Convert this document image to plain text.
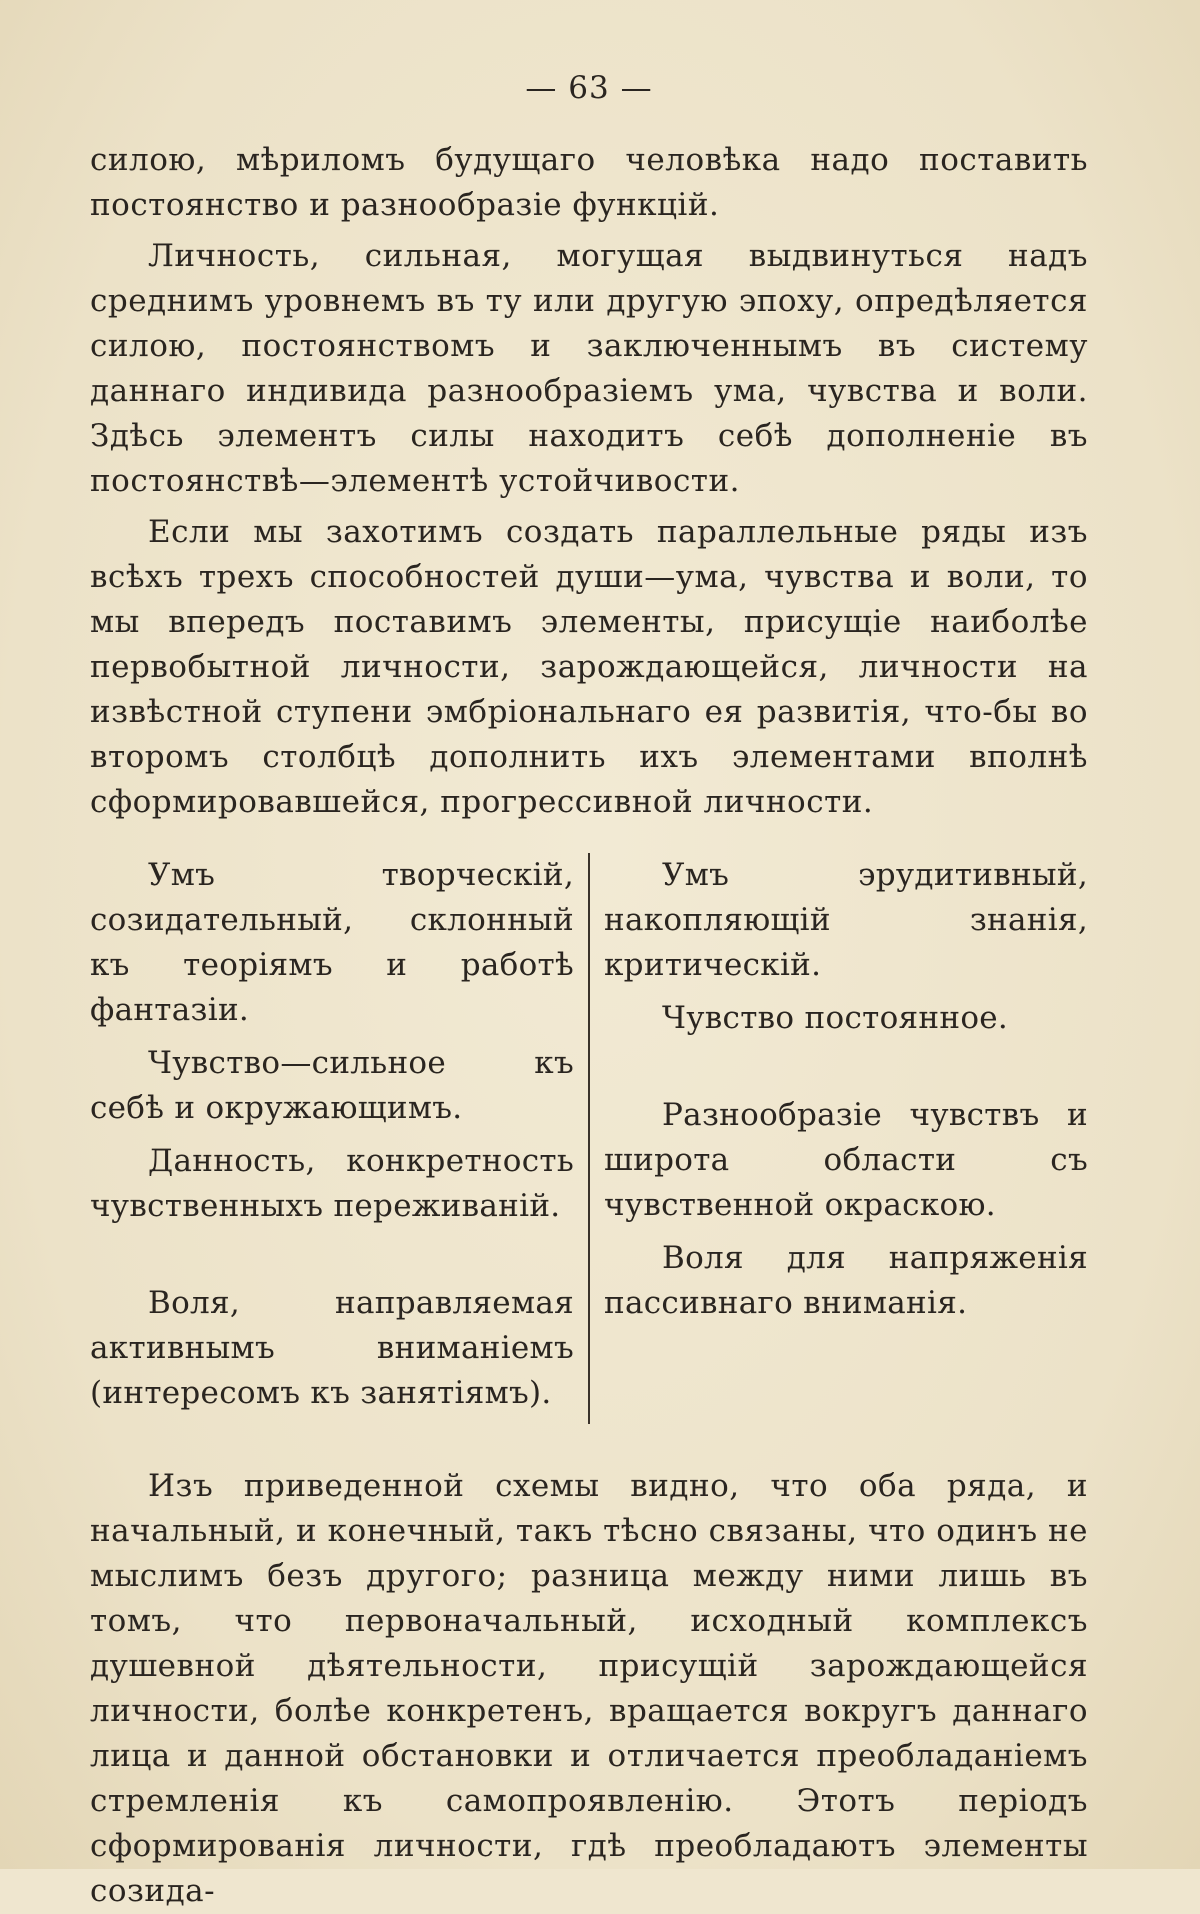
— 63 —

силою, мѣриломъ будущаго человѣка надо поставить постоянство и разнообразіе функцій.

Личность, сильная, могущая выдвинуться надъ среднимъ уровнемъ въ ту или другую эпоху, опредѣляется силою, постоянствомъ и заключеннымъ въ систему даннаго индивида разнообразіемъ ума, чувства и воли. Здѣсь элементъ силы находитъ себѣ дополненіе въ постоянствѣ—элементѣ устойчивости.

Если мы захотимъ создать параллельные ряды изъ всѣхъ трехъ способностей души—ума, чувства и воли, то мы впередъ поставимъ элементы, присущіе наиболѣе первобытной личности, зарождающейся, личности на извѣстной ступени эмбріональнаго ея развитія, что-бы во второмъ столбцѣ дополнить ихъ элементами вполнѣ сформировавшейся, прогрессивной личности.

Умъ творческій, созидательный, склонный къ теоріямъ и работѣ фантазіи.

Чувство—сильное къ себѣ и окружающимъ.

Данность, конкретность чувственныхъ переживаній.

Воля, направляемая активнымъ вниманіемъ (интересомъ къ занятіямъ).

Умъ эрудитивный, накопляющій знанія, критическій.

Чувство постоянное.

Разнообразіе чувствъ и широта области съ чувственной окраскою.

Воля для напряженія пассивнаго вниманія.

Изъ приведенной схемы видно, что оба ряда, и начальный, и конечный, такъ тѣсно связаны, что одинъ не мыслимъ безъ другого; разница между ними лишь въ томъ, что первоначальный, исходный комплексъ душевной дѣятельности, присущій зарождающейся личности, болѣе конкретенъ, вращается вокругъ даннаго лица и данной обстановки и отличается преобладаніемъ стремленія къ самопроявленію. Этотъ періодъ сформированія личности, гдѣ преобладаютъ элементы созида-
